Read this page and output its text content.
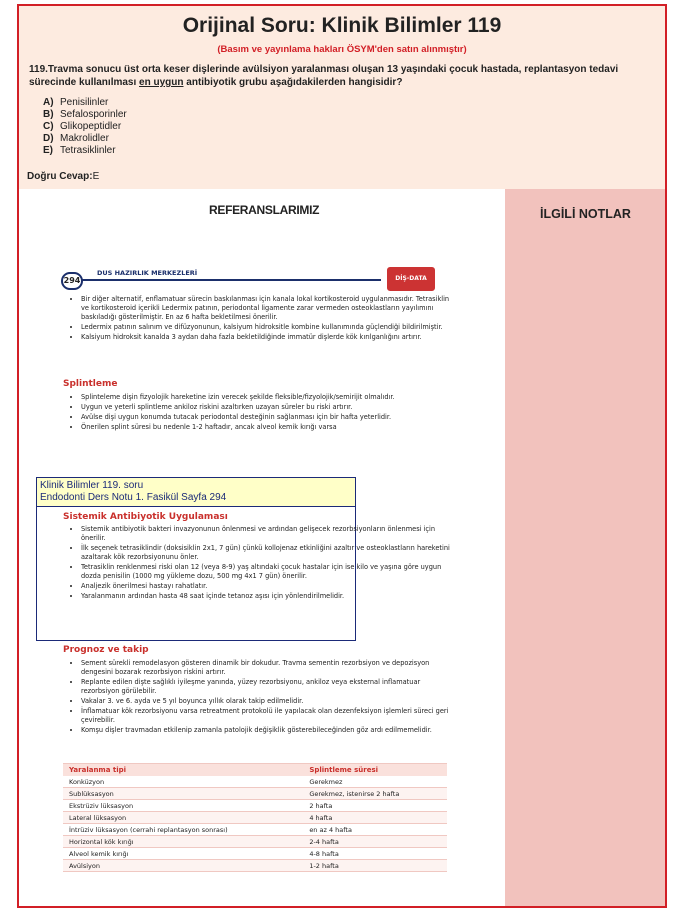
Orijinal Soru: Klinik Bilimler 119
(Basım ve yayınlama hakları ÖSYM'den satın alınmıştır)
119.Travma sonucu üst orta keser dişlerinde avülsiyon yaralanması oluşan 13 yaşındaki çocuk hastada, replantasyon tedavi sürecinde kullanılması en uygun antibiyotik grubu aşağıdakilerden hangisidir?
A) Penisilinler
B) Sefalosporinler
C) Glikopeptidler
D) Makrolidler
E) Tetrasiklinler
Doğru Cevap:E
REFERANSLARIMIZ
294
DUS HAZIRLIK MERKEZLERİ
DİŞ-DATA
• Bir diğer alternatif, enflamatuar sürecin baskılanması için kanala lokal kortikosteroid uygulanmasıdır. Tetrasiklin ve kortikosteroid içerikli Ledermix patının, periodontal ligamente zarar vermeden osteoklastların yayılımını baskıladığı gösterilmiştir. En az 6 hafta bekletilmesi önerilir.
• Ledermix patının salınım ve difüzyonunun, kalsiyum hidroksitle kombine kullanımında güçlendiği bildirilmiştir.
• Kalsiyum hidroksit kanalda 3 aydan daha fazla bekletildiğinde immatür dişlerde kök kırılganlığını artırır.
Splintleme
• Splinteleme dişin fizyolojik hareketine izin verecek şekilde fleksible/fizyolojik/semirijit olmalıdır.
• Uygun ve yeterli splintleme ankiloz riskini azaltırken uzayan süreler bu riski artırır.
• Avülse dişi uygun konumda tutacak periodontal desteğinin sağlanması için bir hafta yeterlidir.
• Önerilen splint süresi bu nedenle 1-2 haftadır, ancak alveol kemik kırığı varsa
Klinik Bilimler 119. soru
Endodonti Ders Notu 1. Fasikül Sayfa 294
Sistemik Antibiyotik Uygulaması
• Sistemik antibiyotik bakteri invazyonunun önlenmesi ve ardından gelişecek rezorbsiyonların önlenmesi için önerilir.
• İlk seçenek tetrasiklindir (doksisiklin 2x1, 7 gün) çünkü kollojenaz etkinliğini azaltır ve osteoklastların hareketini azaltarak kök rezorbsiyonunu önler.
• Tetrasiklin renklenmesi riski olan 12 (veya 8-9) yaş altındaki çocuk hastalar için ise kilo ve yaşına göre uygun dozda penisilin (1000 mg yükleme dozu, 500 mg 4x1 7 gün) önerilir.
• Analjezik önerilmesi hastayı rahatlatır.
• Yaralanmanın ardından hasta 48 saat içinde tetanoz aşısı için yönlendirilmelidir.
Prognoz ve takip
• Sement sürekli remodelasyon gösteren dinamik bir dokudur. Travma sementin rezorbsiyon ve depozisyon dengesini bozarak rezorbsiyon riskini artırır.
• Replante edilen dişte sağlıklı iyileşme yanında, yüzey rezorbsiyonu, ankiloz veya eksternal inflamatuar rezorbsiyon görülebilir.
• Vakalar 3. ve 6. ayda ve 5 yıl boyunca yıllık olarak takip edilmelidir.
• İnflamatuar kök rezorbsiyonu varsa retreatment protokolü ile yapılacak olan dezenfeksiyon işlemleri süreci geri çevirebilir.
• Komşu dişler travmadan etkilenip zamanla patolojik değişiklik gösterebileceğinden göz ardı edilmemelidir.
Travmatik dental yaralanmalarda önerilen splintleme süreleri	
Yaralanma tipi	Splintleme süresi
Konküzyon	Gerekmez
Sublüksasyon	Gerekmez, istenirse 2 hafta
Ekstrüziv lüksasyon	2 hafta
Lateral lüksasyon	4 hafta
İntrüziv lüksasyon (cerrahi replantasyon sonrası)	en az 4 hafta
Horizontal kök kırığı	2-4 hafta
Alveol kemik kırığı	4-8 hafta
Avülsiyon	1-2 hafta
İLGİLİ NOTLAR
